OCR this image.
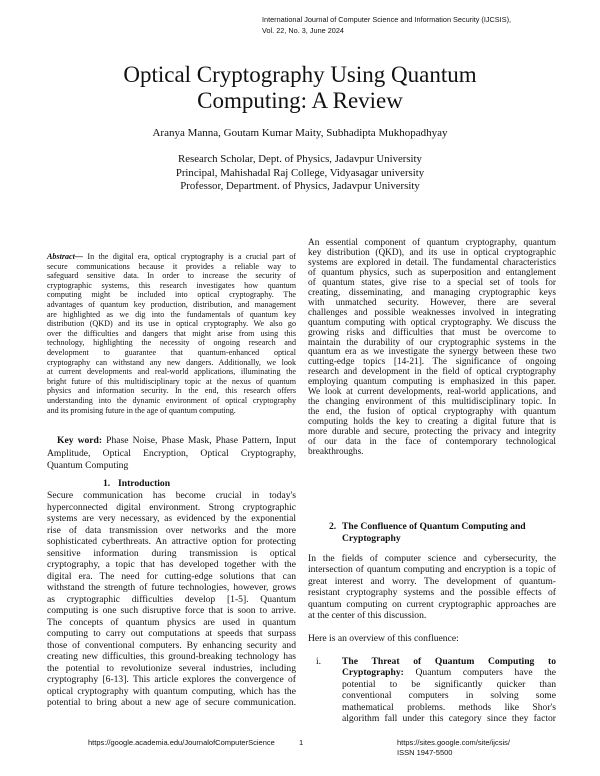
International Journal of Computer Science and Information Security (IJCSIS),
Vol. 22, No. 3, June 2024
Optical Cryptography Using Quantum
Computing: A Review
Aranya Manna, Goutam Kumar Maity, Subhadipta Mukhopadhyay
Research Scholar, Dept. of Physics, Jadavpur University
Principal, Mahishadal Raj College, Vidyasagar university
Professor, Department. of Physics, Jadavpur University
Abstract— In the digital era, optical cryptography is a crucial part of
secure communications because it provides a reliable way to
safeguard sensitive data. In order to increase the security of
cryptographic systems, this research investigates how quantum
computing might be included into optical cryptography. The
advantages of quantum key production, distribution, and management
are highlighted as we dig into the fundamentals of quantum key
distribution (QKD) and its use in optical cryptography. We also go
over the difficulties and dangers that might arise from using this
technology, highlighting the necessity of ongoing research and
development to guarantee that quantum-enhanced optical
cryptography can withstand any new dangers. Additionally, we look
at current developments and real-world applications, illuminating the
bright future of this multidisciplinary topic at the nexus of quantum
physics and information security. In the end, this research offers
understanding into the dynamic environment of optical cryptography
and its promising future in the age of quantum computing.
Key word: Phase Noise, Phase Mask, Phase Pattern, Input
Amplitude, Optical Encryption, Optical Cryptography,
Quantum Computing
1. Introduction
Secure communication has become crucial in today's
hyperconnected digital environment. Strong cryptographic
systems are very necessary, as evidenced by the exponential
rise of data transmission over networks and the more
sophisticated cyberthreats. An attractive option for protecting
sensitive information during transmission is optical
cryptography, a topic that has developed together with the
digital era. The need for cutting-edge solutions that can
withstand the strength of future technologies, however, grows
as cryptographic difficulties develop [1-5]. Quantum
computing is one such disruptive force that is soon to arrive.
The concepts of quantum physics are used in quantum
computing to carry out computations at speeds that surpass
those of conventional computers. By enhancing security and
creating new difficulties, this ground-breaking technology has
the potential to revolutionize several industries, including
cryptography [6-13]. This article explores the convergence of
optical cryptography with quantum computing, which has the
potential to bring about a new age of secure communication.
An essential component of quantum cryptography, quantum
key distribution (QKD), and its use in optical cryptographic
systems are explored in detail. The fundamental characteristics
of quantum physics, such as superposition and entanglement
of quantum states, give rise to a special set of tools for
creating, disseminating, and managing cryptographic keys
with unmatched security. However, there are several
challenges and possible weaknesses involved in integrating
quantum computing with optical cryptography. We discuss the
growing risks and difficulties that must be overcome to
maintain the durability of our cryptographic systems in the
quantum era as we investigate the synergy between these two
cutting-edge topics [14-21]. The significance of ongoing
research and development in the field of optical cryptography
employing quantum computing is emphasized in this paper.
We look at current developments, real-world applications, and
the changing environment of this multidisciplinary topic. In
the end, the fusion of optical cryptography with quantum
computing holds the key to creating a digital future that is
more durable and secure, protecting the privacy and integrity
of our data in the face of contemporary technological
breakthroughs.
2. The Confluence of Quantum Computing and
Cryptography
In the fields of computer science and cybersecurity, the
intersection of quantum computing and encryption is a topic of
great interest and worry. The development of quantum-
resistant cryptography systems and the possible effects of
quantum computing on current cryptographic approaches are
at the center of this discussion.
Here is an overview of this confluence:
i. The Threat of Quantum Computing to
Cryptography: Quantum computers have the
potential to be significantly quicker than
conventional computers in solving some
mathematical problems. methods like Shor's
algorithm fall under this category since they factor
https://google.academia.edu/JournalofComputerScience	1	https://sites.google.com/site/ijcsis/
ISSN 1947-5500
